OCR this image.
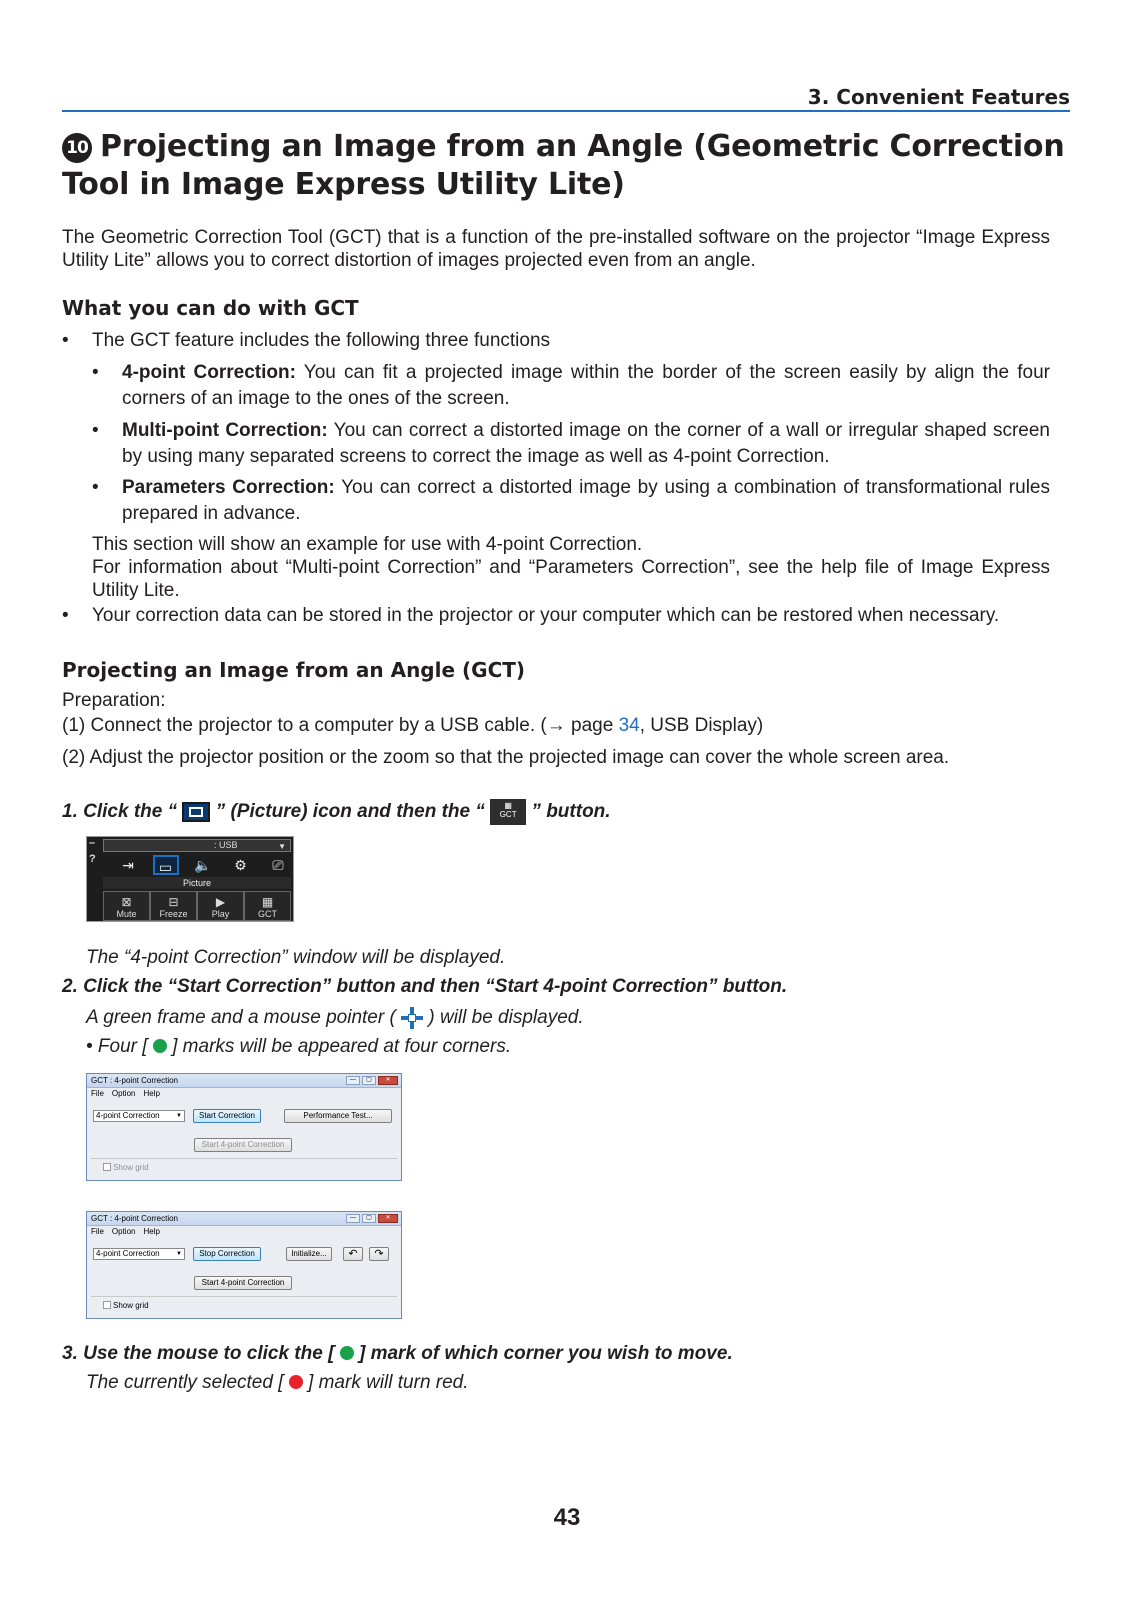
3. Convenient Features
10 Projecting an Image from an Angle (Geometric Correction Tool in Image Express Utility Lite)

The Geometric Correction Tool (GCT) that is a function of the pre-installed software on the projector “Image Express Utility Lite” allows you to correct distortion of images projected even from an angle.

What you can do with GCT
• The GCT feature includes the following three functions
• 4-point Correction: You can fit a projected image within the border of the screen easily by align the four corners of an image to the ones of the screen.
• Multi-point Correction: You can correct a distorted image on the corner of a wall or irregular shaped screen by using many separated screens to correct the image as well as 4-point Correction.
• Parameters Correction: You can correct a distorted image by using a combination of transformational rules prepared in advance.

This section will show an example for use with 4-point Correction.

For information about “Multi-point Correction” and “Parameters Correction”, see the help file of Image Express Utility Lite.

• Your correction data can be stored in the projector or your computer which can be restored when necessary.
Projecting an Image from an Angle (GCT)

Preparation:

(1) Connect the projector to a computer by a USB cable. (→ page 34, USB Display)

(2) Adjust the projector position or the zoom so that the projected image can cover the whole screen area.

1. Click the “ ” (Picture) icon and then the “ ▦
GCT ” button.

–
?
: USB	▼
⇥	▭	🔈	⚙	⎚
Picture
⊠
Mute
⊟
Freeze
▶
Play
▦
GCT

The “4-point Correction” window will be displayed.

2. Click the “Start Correction” button and then “Start 4-point Correction” button.

A green frame and a mouse pointer ( ) will be displayed.

• Four [ ] marks will be appeared at four corners.

GCT : 4-point Correction	—	▢	✕
File Option Help
4-point Correction	▼	Start Correction	Performance Test...
Start 4-point Correction
Show grid
GCT : 4-point Correction	—	▢	✕
File Option Help
4-point Correction	▼	Stop Correction	Initialize...	↶	↷
Start 4-point Correction
Show grid

3. Use the mouse to click the [ ] mark of which corner you wish to move.

The currently selected [ ] mark will turn red.

43
